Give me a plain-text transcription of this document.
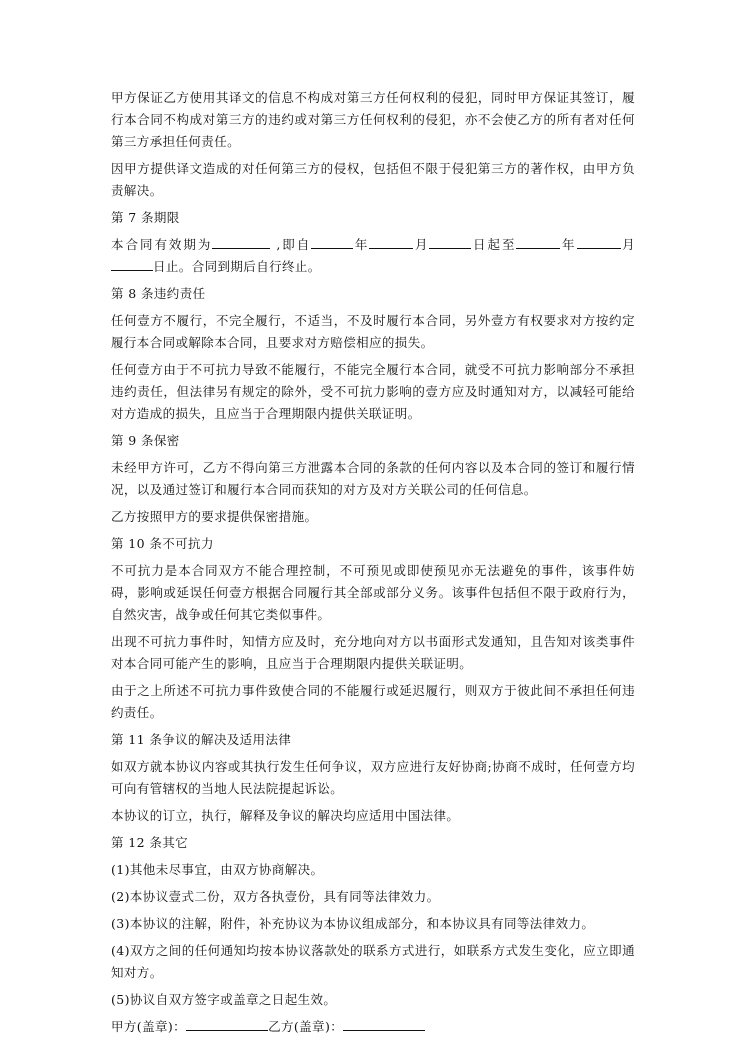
甲方保证乙方使用其译文的信息不构成对第三方任何权利的侵犯，同时甲方保证其签订，履行本合同不构成对第三方的违约或对第三方任何权利的侵犯，亦不会使乙方的所有者对任何第三方承担任何责任。

因甲方提供译文造成的对任何第三方的侵权，包括但不限于侵犯第三方的著作权，由甲方负责解决。

第 7 条期限

本合同有效期为	,即自	年	月	日起至	年	月日止。合同到期后自行终止。

第 8 条违约责任

任何壹方不履行，不完全履行，不适当，不及时履行本合同，另外壹方有权要求对方按约定履行本合同或解除本合同，且要求对方赔偿相应的损失。

任何壹方由于不可抗力导致不能履行，不能完全履行本合同，就受不可抗力影响部分不承担违约责任，但法律另有规定的除外，受不可抗力影响的壹方应及时通知对方，以减轻可能给对方造成的损失，且应当于合理期限内提供关联证明。

第 9 条保密

未经甲方许可，乙方不得向第三方泄露本合同的条款的任何内容以及本合同的签订和履行情况，以及通过签订和履行本合同而获知的对方及对方关联公司的任何信息。

乙方按照甲方的要求提供保密措施。

第 10 条不可抗力

不可抗力是本合同双方不能合理控制，不可预见或即使预见亦无法避免的事件，该事件妨碍，影响或延误任何壹方根据合同履行其全部或部分义务。该事件包括但不限于政府行为，自然灾害，战争或任何其它类似事件。

出现不可抗力事件时，知情方应及时，充分地向对方以书面形式发通知，且告知对该类事件对本合同可能产生的影响，且应当于合理期限内提供关联证明。

由于之上所述不可抗力事件致使合同的不能履行或延迟履行，则双方于彼此间不承担任何违约责任。

第 11 条争议的解决及适用法律

如双方就本协议内容或其执行发生任何争议，双方应进行友好协商;协商不成时，任何壹方均可向有管辖权的当地人民法院提起诉讼。

本协议的订立，执行，解释及争议的解决均应适用中国法律。

第 12 条其它

(1)其他未尽事宜，由双方协商解决。

(2)本协议壹式二份，双方各执壹份，具有同等法律效力。

(3)本协议的注解，附件，补充协议为本协议组成部分，和本协议具有同等法律效力。

(4)双方之间的任何通知均按本协议落款处的联系方式进行，如联系方式发生变化，应立即通知对方。

(5)协议自双方签字或盖章之日起生效。

甲方(盖章)：	乙方(盖章)：
